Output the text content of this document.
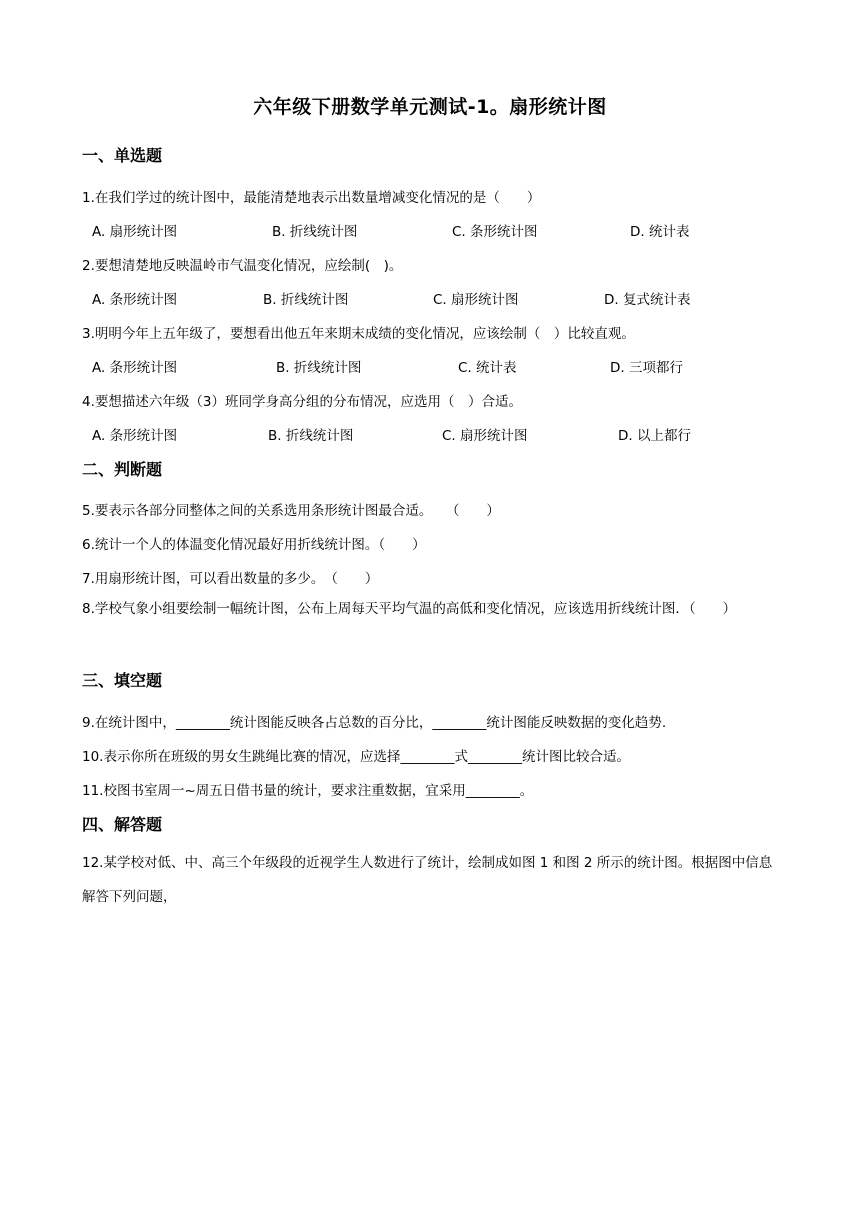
六年级下册数学单元测试-1。扇形统计图
一、单选题
1.在我们学过的统计图中，最能清楚地表示出数量增减变化情况的是（　　）
A. 扇形统计图	B. 折线统计图	C. 条形统计图	D. 统计表
2.要想清楚地反映温岭市气温变化情况，应绘制(　)。
A. 条形统计图	B. 折线统计图	C. 扇形统计图	D. 复式统计表
3.明明今年上五年级了，要想看出他五年来期末成绩的变化情况，应该绘制（　）比较直观。
A. 条形统计图	B. 折线统计图	C. 统计表	D. 三项都行
4.要想描述六年级（3）班同学身高分组的分布情况，应选用（　）合适。
A. 条形统计图	B. 折线统计图	C. 扇形统计图	D. 以上都行
二、判断题
5.要表示各部分同整体之间的关系选用条形统计图最合适。　　（　　）
6.统计一个人的体温变化情况最好用折线统计图。（　　）
7.用扇形统计图，可以看出数量的多少。　（　　）
8.学校气象小组要绘制一幅统计图，公布上周每天平均气温的高低和变化情况，应该选用折线统计图．（　　）
三、填空题
9.在统计图中，________统计图能反映各占总数的百分比，________统计图能反映数据的变化趋势.
10.表示你所在班级的男女生跳绳比赛的情况，应选择________式________统计图比较合适。
11.校图书室周一~周五日借书量的统计，要求注重数据，宜采用________。
四、解答题
12.某学校对低、中、高三个年级段的近视学生人数进行了统计，绘制成如图 1 和图 2 所示的统计图。根据图中信息解答下列问题，
